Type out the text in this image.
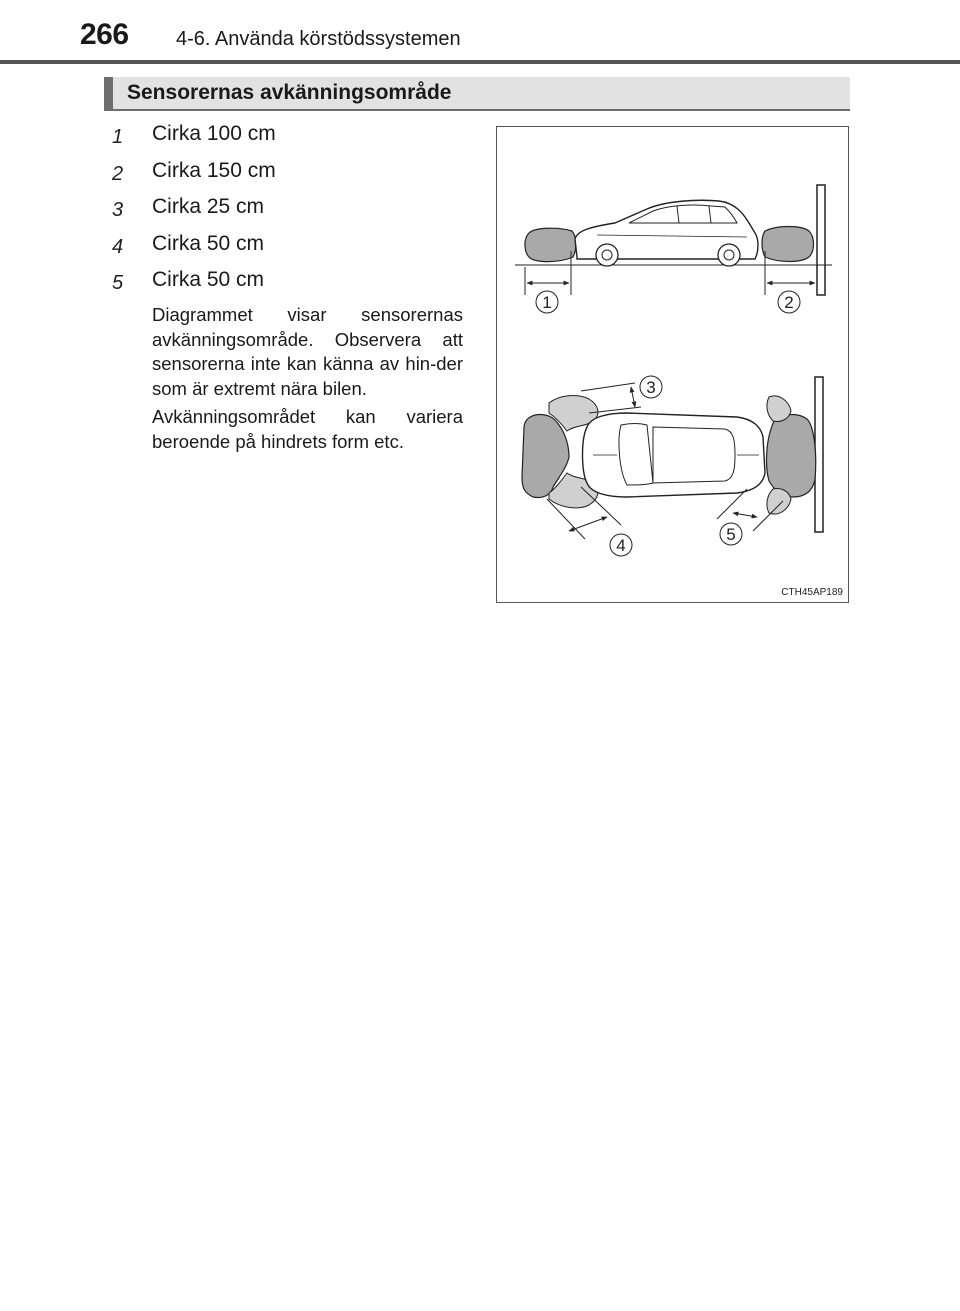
266 4-6. Använda körstödssystemen
Sensorernas avkänningsområde
1	Cirka 100 cm
2	Cirka 150 cm
3	Cirka 25 cm
4	Cirka 50 cm
5	Cirka 50 cm

Diagrammet visar sensorernas avkänningsområde. Observera att sensorerna inte kan känna av hin-der som är extremt nära bilen.

Avkänningsområdet kan variera beroende på hindrets form etc.

1	2
3
4
5
CTH45AP189
